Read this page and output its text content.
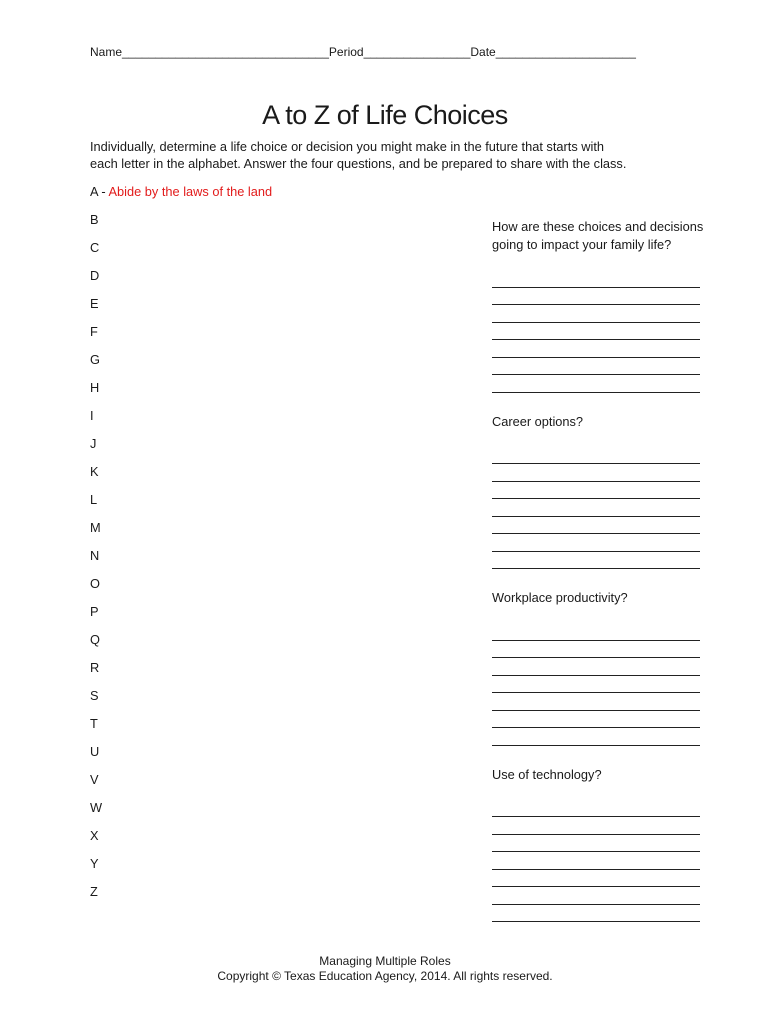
Name_______________________________Period________________Date_____________________
A to Z of Life Choices

Individually, determine a life choice or decision you might make in the future that starts with

each letter in the alphabet. Answer the four questions, and be prepared to share with the class.

A - Abide by the laws of the land
B
C
D
E
F
G
H
I
J
K
L
M
N
O
P
Q
R
S
T
U
V
W
X
Y
Z
How are these choices and decisions going to impact your family life?
Career options?
Workplace productivity?
Use of technology?
Managing Multiple Roles
Copyright © Texas Education Agency, 2014. All rights reserved.
